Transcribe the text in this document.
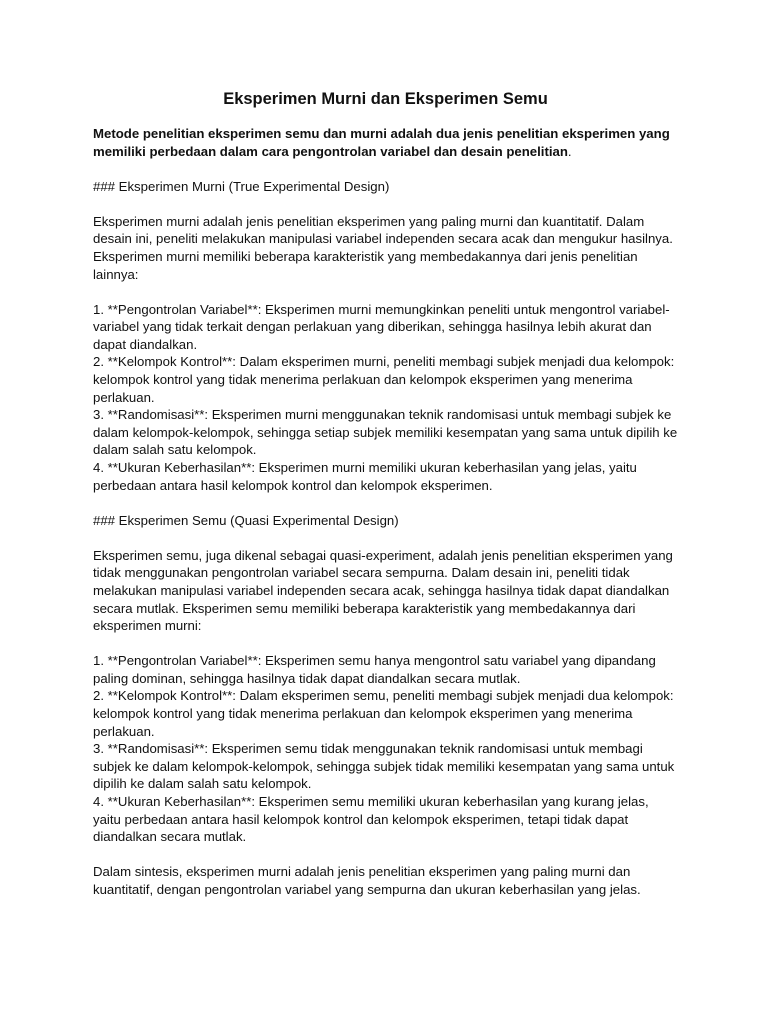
Eksperimen Murni dan Eksperimen Semu
Metode penelitian eksperimen semu dan murni adalah dua jenis penelitian eksperimen yang memiliki perbedaan dalam cara pengontrolan variabel dan desain penelitian.
### Eksperimen Murni (True Experimental Design)
Eksperimen murni adalah jenis penelitian eksperimen yang paling murni dan kuantitatif. Dalam desain ini, peneliti melakukan manipulasi variabel independen secara acak dan mengukur hasilnya. Eksperimen murni memiliki beberapa karakteristik yang membedakannya dari jenis penelitian lainnya:
1. **Pengontrolan Variabel**: Eksperimen murni memungkinkan peneliti untuk mengontrol variabel-variabel yang tidak terkait dengan perlakuan yang diberikan, sehingga hasilnya lebih akurat dan dapat diandalkan.
2. **Kelompok Kontrol**: Dalam eksperimen murni, peneliti membagi subjek menjadi dua kelompok: kelompok kontrol yang tidak menerima perlakuan dan kelompok eksperimen yang menerima perlakuan.
3. **Randomisasi**: Eksperimen murni menggunakan teknik randomisasi untuk membagi subjek ke dalam kelompok-kelompok, sehingga setiap subjek memiliki kesempatan yang sama untuk dipilih ke dalam salah satu kelompok.
4. **Ukuran Keberhasilan**: Eksperimen murni memiliki ukuran keberhasilan yang jelas, yaitu perbedaan antara hasil kelompok kontrol dan kelompok eksperimen.
### Eksperimen Semu (Quasi Experimental Design)
Eksperimen semu, juga dikenal sebagai quasi-experiment, adalah jenis penelitian eksperimen yang tidak menggunakan pengontrolan variabel secara sempurna. Dalam desain ini, peneliti tidak melakukan manipulasi variabel independen secara acak, sehingga hasilnya tidak dapat diandalkan secara mutlak. Eksperimen semu memiliki beberapa karakteristik yang membedakannya dari eksperimen murni:
1. **Pengontrolan Variabel**: Eksperimen semu hanya mengontrol satu variabel yang dipandang paling dominan, sehingga hasilnya tidak dapat diandalkan secara mutlak.
2. **Kelompok Kontrol**: Dalam eksperimen semu, peneliti membagi subjek menjadi dua kelompok: kelompok kontrol yang tidak menerima perlakuan dan kelompok eksperimen yang menerima perlakuan.
3. **Randomisasi**: Eksperimen semu tidak menggunakan teknik randomisasi untuk membagi subjek ke dalam kelompok-kelompok, sehingga subjek tidak memiliki kesempatan yang sama untuk dipilih ke dalam salah satu kelompok.
4. **Ukuran Keberhasilan**: Eksperimen semu memiliki ukuran keberhasilan yang kurang jelas, yaitu perbedaan antara hasil kelompok kontrol dan kelompok eksperimen, tetapi tidak dapat diandalkan secara mutlak.
Dalam sintesis, eksperimen murni adalah jenis penelitian eksperimen yang paling murni dan kuantitatif, dengan pengontrolan variabel yang sempurna dan ukuran keberhasilan yang jelas.
